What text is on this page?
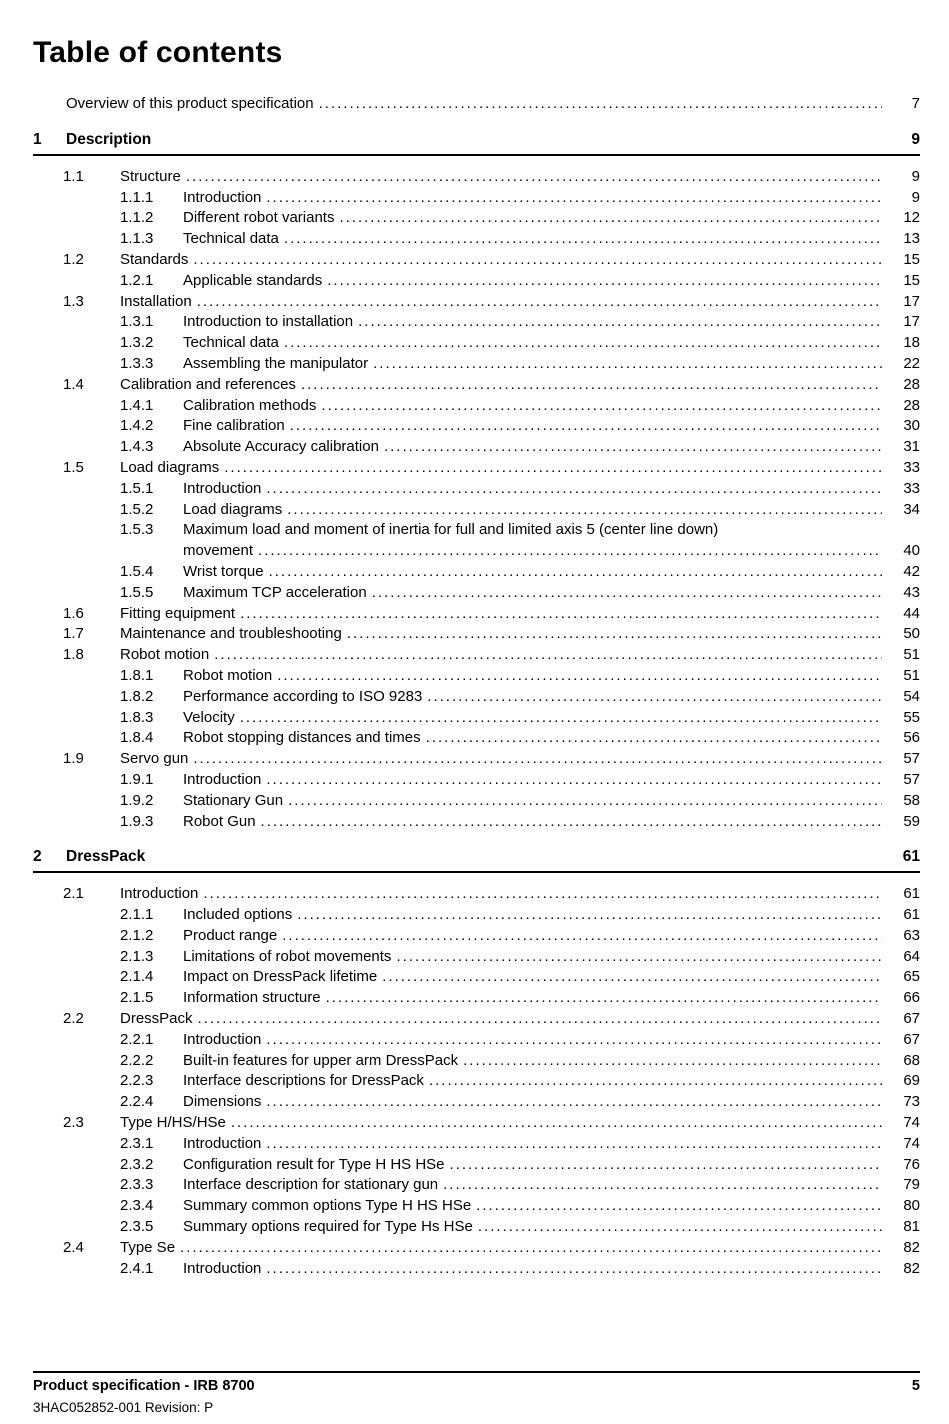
Table of contents
Overview of this product specification .....	7
1	Description	9
1.1	Structure .....	9
1.1.1	Introduction .....	9
1.1.2	Different robot variants .....	12
1.1.3	Technical data .....	13
1.2	Standards .....	15
1.2.1	Applicable standards .....	15
1.3	Installation .....	17
1.3.1	Introduction to installation .....	17
1.3.2	Technical data .....	18
1.3.3	Assembling the manipulator .....	22
1.4	Calibration and references .....	28
1.4.1	Calibration methods .....	28
1.4.2	Fine calibration .....	30
1.4.3	Absolute Accuracy calibration .....	31
1.5	Load diagrams .....	33
1.5.1	Introduction .....	33
1.5.2	Load diagrams .....	34
1.5.3	Maximum load and moment of inertia for full and limited axis 5 (center line down)
movement .....	40
1.5.4	Wrist torque .....	42
1.5.5	Maximum TCP acceleration .....	43
1.6	Fitting equipment .....	44
1.7	Maintenance and troubleshooting .....	50
1.8	Robot motion .....	51
1.8.1	Robot motion .....	51
1.8.2	Performance according to ISO 9283 .....	54
1.8.3	Velocity .....	55
1.8.4	Robot stopping distances and times .....	56
1.9	Servo gun .....	57
1.9.1	Introduction .....	57
1.9.2	Stationary Gun .....	58
1.9.3	Robot Gun .....	59
2	DressPack	61
2.1	Introduction .....	61
2.1.1	Included options .....	61
2.1.2	Product range .....	63
2.1.3	Limitations of robot movements .....	64
2.1.4	Impact on DressPack lifetime .....	65
2.1.5	Information structure .....	66
2.2	DressPack .....	67
2.2.1	Introduction .....	67
2.2.2	Built-in features for upper arm DressPack .....	68
2.2.3	Interface descriptions for DressPack .....	69
2.2.4	Dimensions .....	73
2.3	Type H/HS/HSe .....	74
2.3.1	Introduction .....	74
2.3.2	Configuration result for Type H HS HSe .....	76
2.3.3	Interface description for stationary gun .....	79
2.3.4	Summary common options Type H HS HSe .....	80
2.3.5	Summary options required for Type Hs HSe .....	81
2.4	Type Se .....	82
2.4.1	Introduction .....	82
Product specification - IRB 8700	5
3HAC052852-001 Revision: P
